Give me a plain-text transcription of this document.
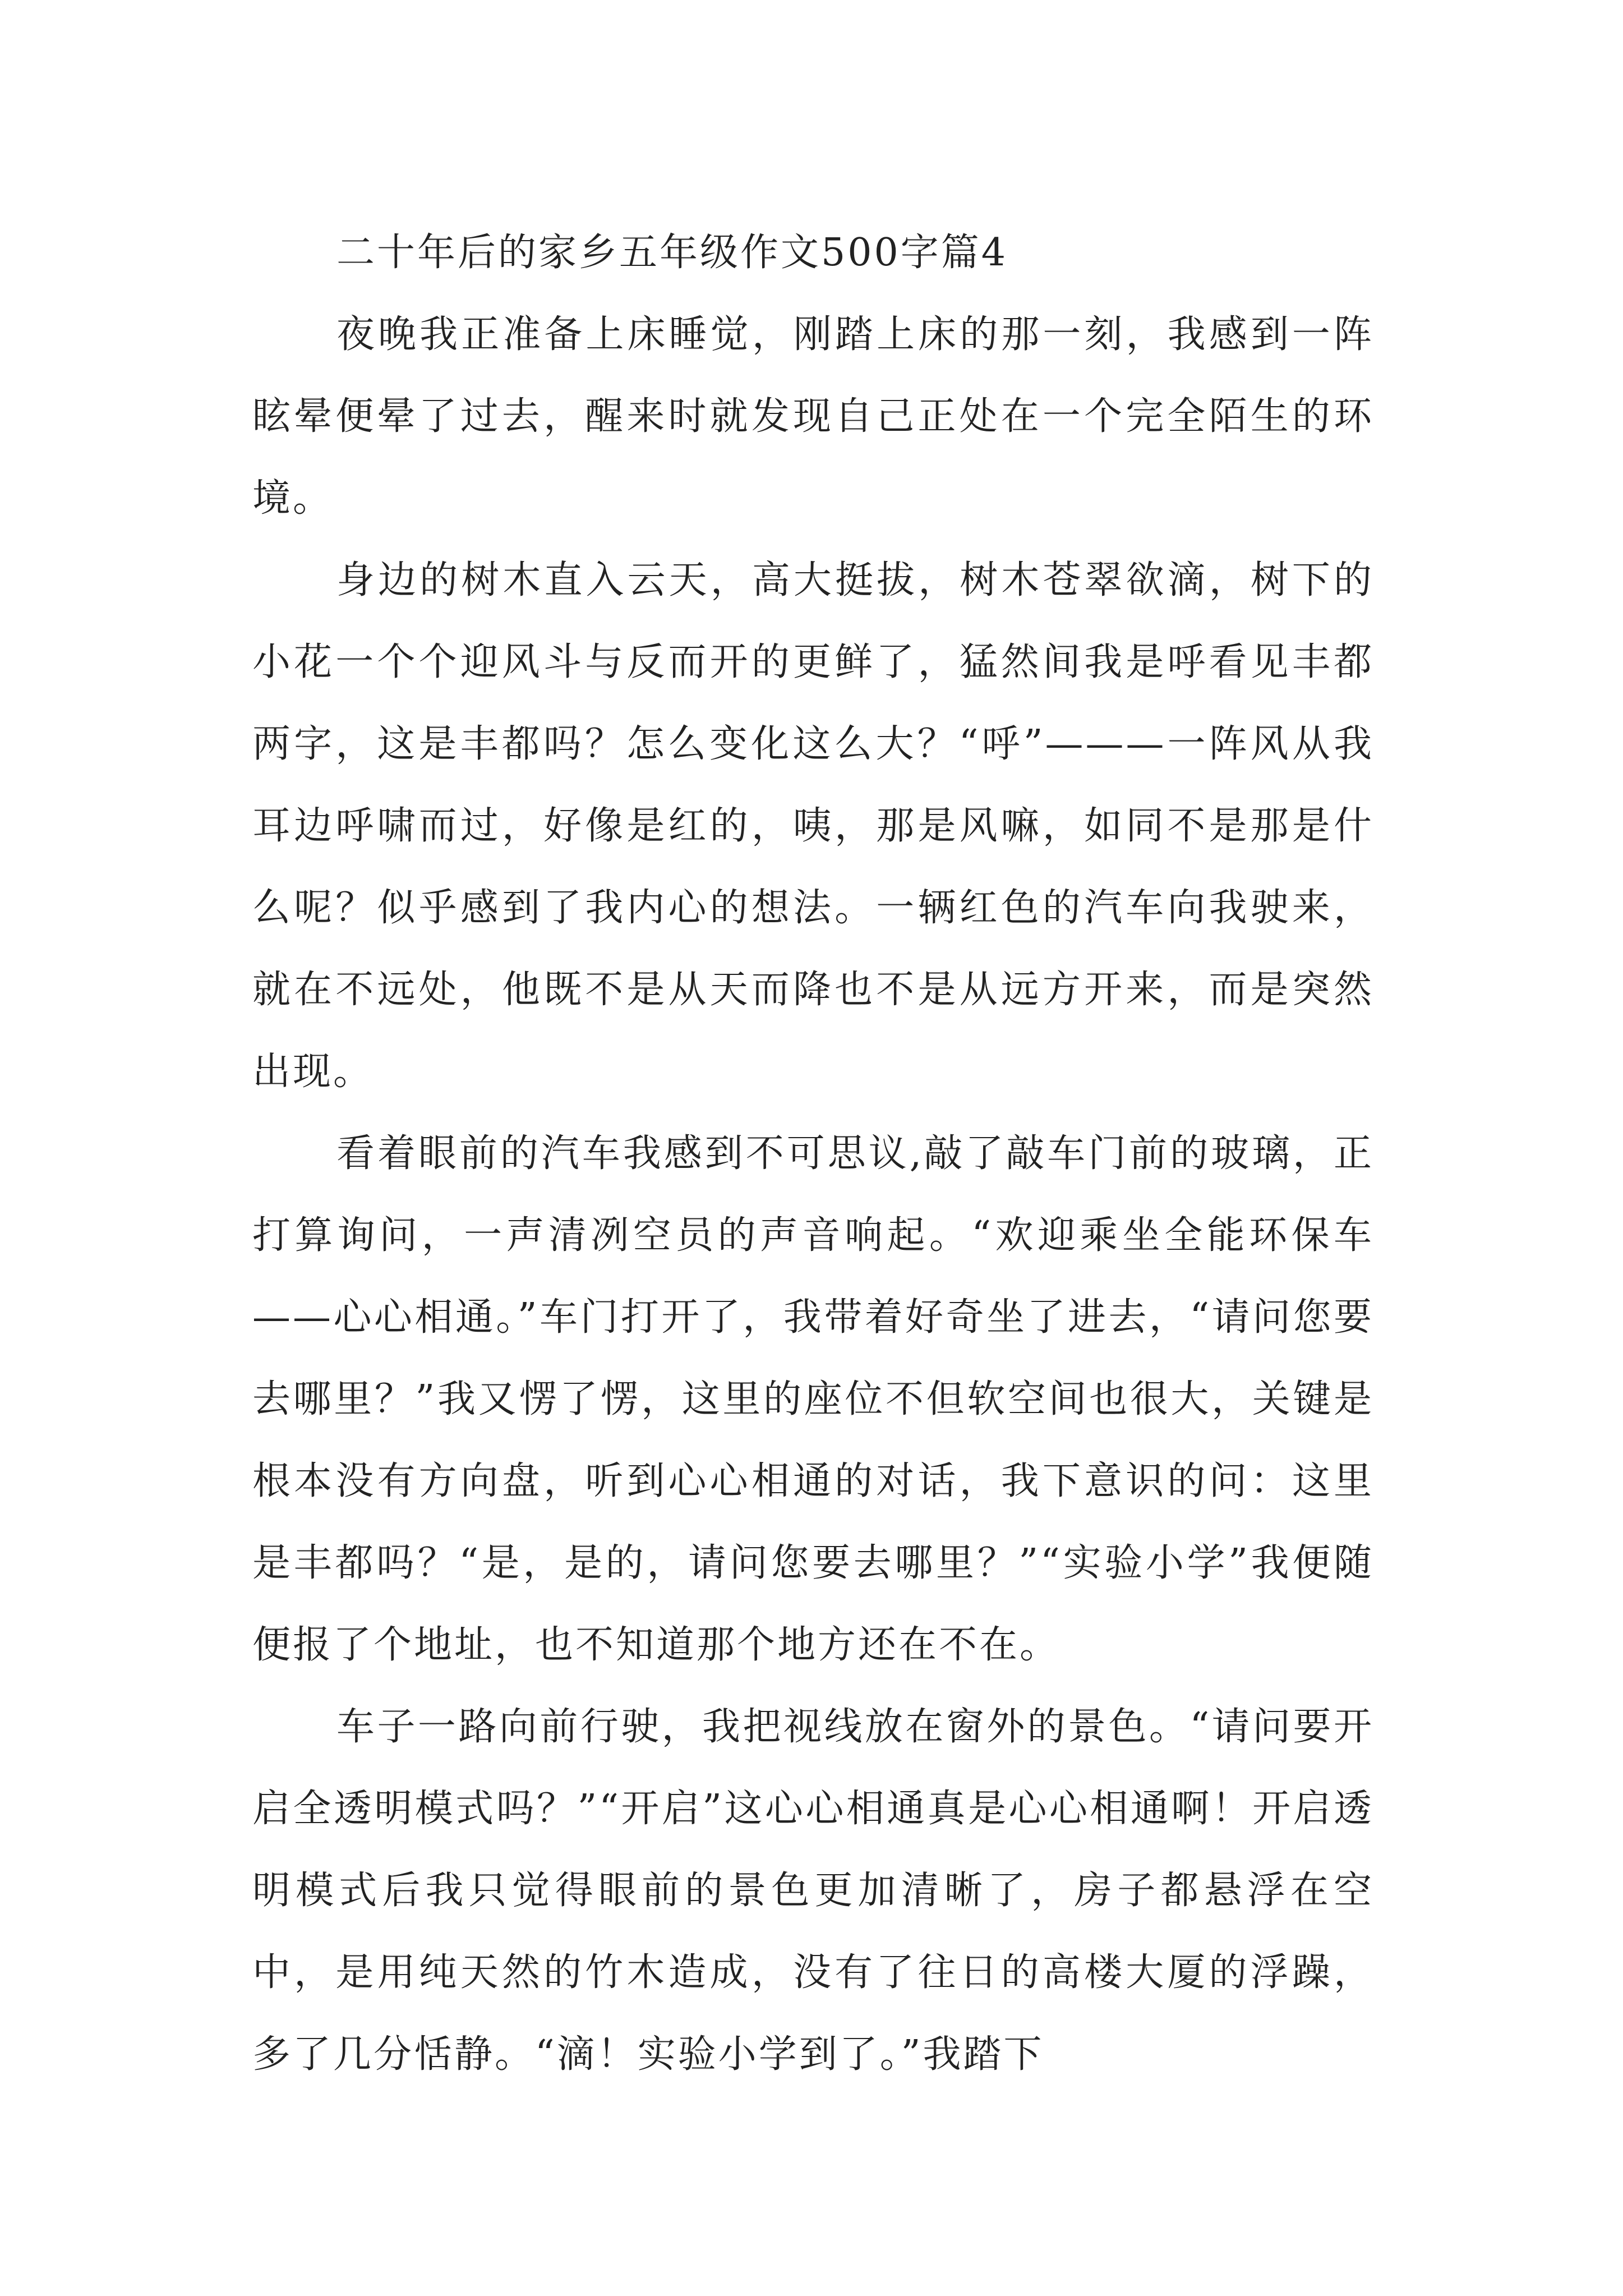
二十年后的家乡五年级作文500字篇4

夜晚我正准备上床睡觉，刚踏上床的那一刻，我感到一阵眩晕便晕了过去，醒来时就发现自己正处在一个完全陌生的环境。

身边的树木直入云天，高大挺拔，树木苍翠欲滴，树下的小花一个个迎风斗与反而开的更鲜了，猛然间我是呼看见丰都两字，这是丰都吗？怎么变化这么大？“呼”———一阵风从我耳边呼啸而过，好像是红的，咦，那是风嘛，如同不是那是什么呢？似乎感到了我内心的想法。一辆红色的汽车向我驶来，就在不远处，他既不是从天而降也不是从远方开来，而是突然出现。

看着眼前的汽车我感到不可思议,敲了敲车门前的玻璃，正打算询问，一声清冽空员的声音响起。“欢迎乘坐全能环保车——心心相通。”车门打开了，我带着好奇坐了进去，“请问您要去哪里？”我又愣了愣，这里的座位不但软空间也很大，关键是根本没有方向盘，听到心心相通的对话，我下意识的问：这里是丰都吗？“是，是的，请问您要去哪里？”“实验小学”我便随便报了个地址，也不知道那个地方还在不在。

车子一路向前行驶，我把视线放在窗外的景色。“请问要开启全透明模式吗？”“开启”这心心相通真是心心相通啊！开启透明模式后我只觉得眼前的景色更加清晰了，房子都悬浮在空中，是用纯天然的竹木造成，没有了往日的高楼大厦的浮躁，多了几分恬静。“滴！实验小学到了。”我踏下
